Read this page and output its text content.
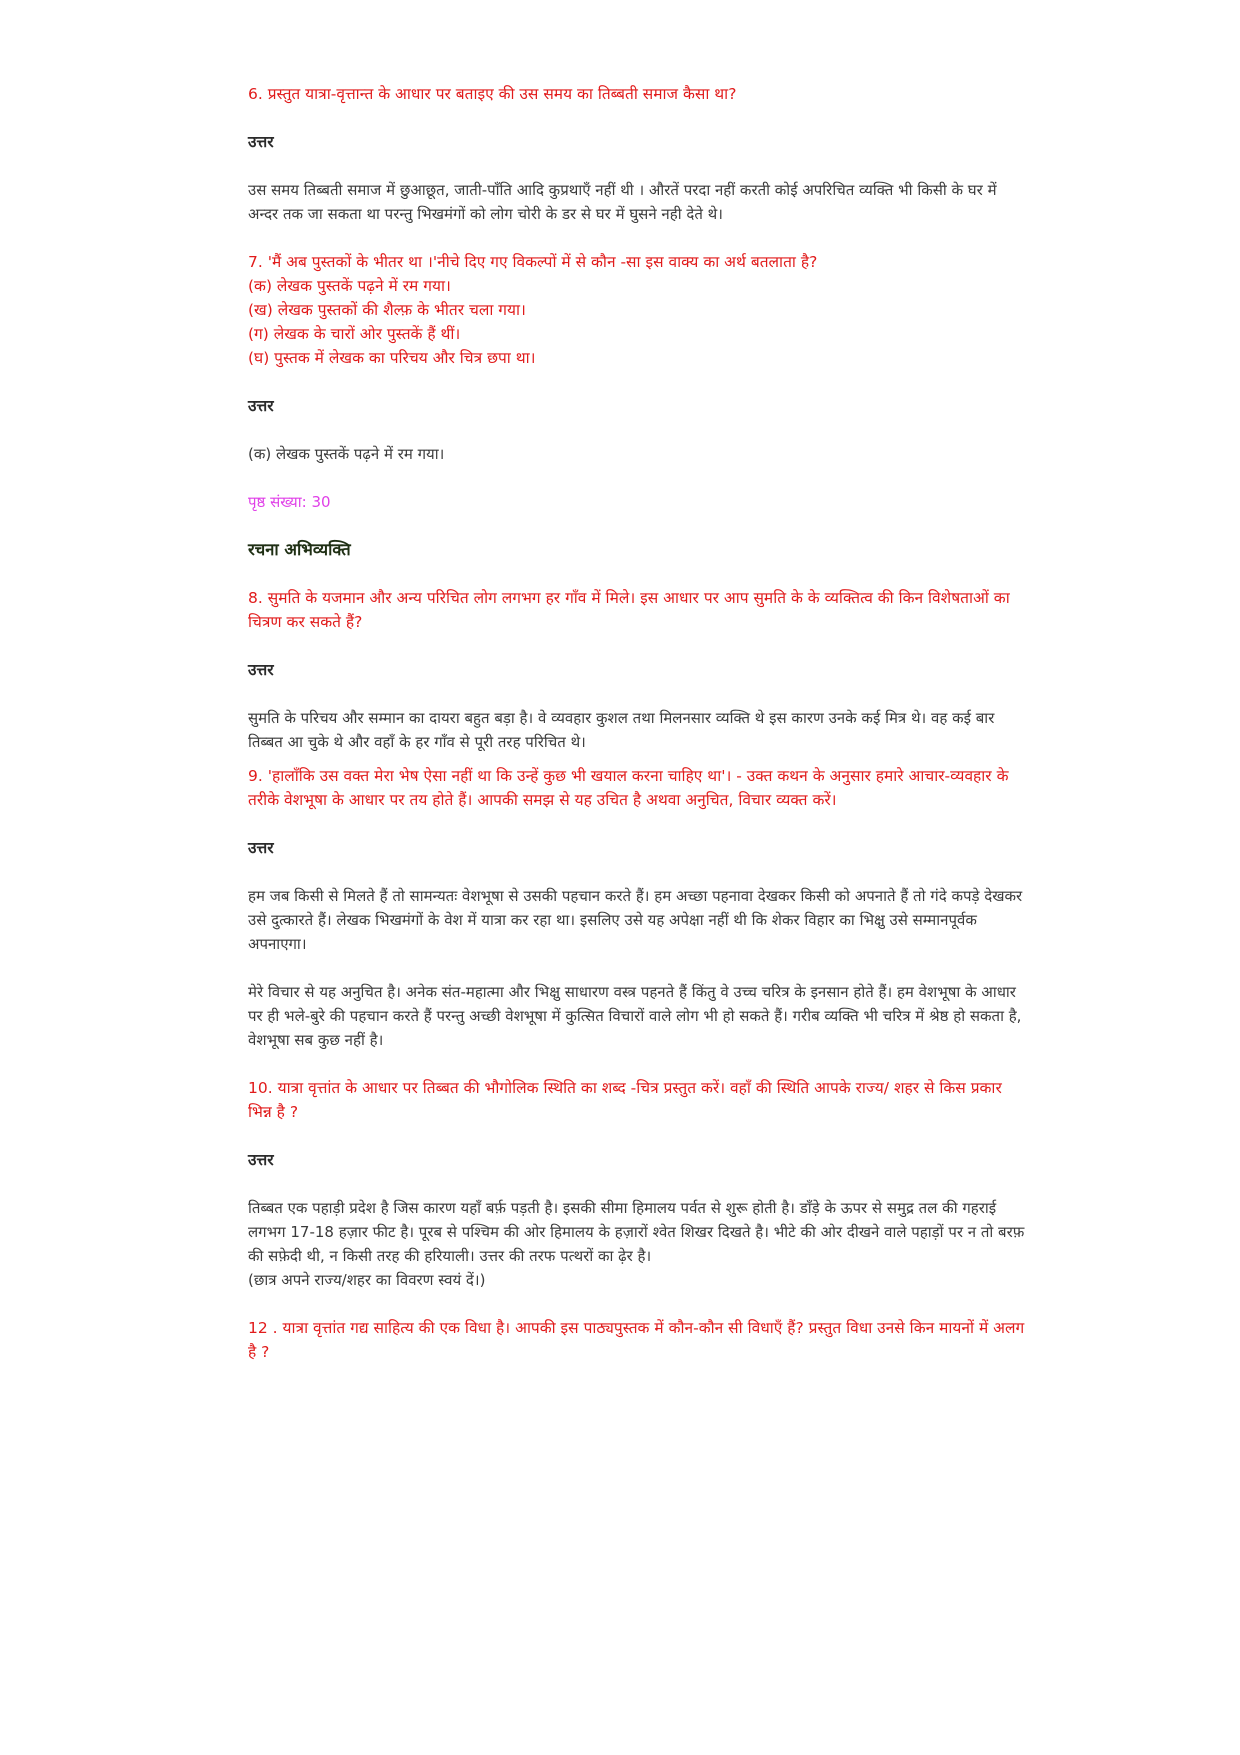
6. प्रस्तुत यात्रा-वृत्तान्त के आधार पर बताइए की उस समय का तिब्बती समाज कैसा था?

उत्तर

उस समय तिब्बती समाज में छुआछूत, जाती-पाँति आदि कुप्रथाएँ नहीं थी । औरतें परदा नहीं करती कोई अपरिचित व्यक्ति भी किसी के घर में अन्दर तक जा सकता था परन्तु भिखमंगों को लोग चोरी के डर से घर में घुसने नही देते थे।

7. 'मैं अब पुस्तकों के भीतर था ।'नीचे दिए गए विकल्पों में से कौन -सा इस वाक्य का अर्थ बतलाता है?

(क) लेखक पुस्तकें पढ़ने में रम गया।

(ख) लेखक पुस्तकों की शैल्फ़ के भीतर चला गया।

(ग) लेखक के चारों ओर पुस्तकें हैं थीं।

(घ) पुस्तक में लेखक का परिचय और चित्र छपा था।

उत्तर

(क) लेखक पुस्तकें पढ़ने में रम गया।

पृष्ठ संख्या: 30

रचना अभिव्यक्ति

8. सुमति के यजमान और अन्य परिचित लोग लगभग हर गाँव में मिले। इस आधार पर आप सुमति के के व्यक्तित्व की किन विशेषताओं का चित्रण कर सकते हैं?

उत्तर

सुमति के परिचय और सम्मान का दायरा बहुत बड़ा है। वे व्यवहार कुशल तथा मिलनसार व्यक्ति थे इस कारण उनके कई मित्र थे। वह कई बार तिब्बत आ चुके थे और वहाँ के हर गाँव से पूरी तरह परिचित थे।

9. 'हालाँकि उस वक्त मेरा भेष ऐसा नहीं था कि उन्हें कुछ भी खयाल करना चाहिए था'। - उक्त कथन के अनुसार हमारे आचार-व्यवहार के तरीके वेशभूषा के आधार पर तय होते हैं। आपकी समझ से यह उचित है अथवा अनुचित, विचार व्यक्त करें।

उत्तर

हम जब किसी से मिलते हैं तो सामन्यतः वेशभूषा से उसकी पहचान करते हैं। हम अच्छा पहनावा देखकर किसी को अपनाते हैं तो गंदे कपड़े देखकर उसे दुत्कारते हैं। लेखक भिखमंगों के वेश में यात्रा कर रहा था। इसलिए उसे यह अपेक्षा नहीं थी कि शेकर विहार का भिक्षु उसे सम्मानपूर्वक अपनाएगा।

मेरे विचार से यह अनुचित है। अनेक संत-महात्मा और भिक्षु साधारण वस्त्र पहनते हैं किंतु वे उच्च चरित्र के इनसान होते हैं। हम वेशभूषा के आधार पर ही भले-बुरे की पहचान करते हैं परन्तु अच्छी वेशभूषा में कुत्सित विचारों वाले लोग भी हो सकते हैं। गरीब व्यक्ति भी चरित्र में श्रेष्ठ हो सकता है, वेशभूषा सब कुछ नहीं है।

10. यात्रा वृत्तांत के आधार पर तिब्बत की भौगोलिक स्थिति का शब्द -चित्र प्रस्तुत करें। वहाँ की स्थिति आपके राज्य/ शहर से किस प्रकार भिन्न है ?

उत्तर

तिब्बत एक पहाड़ी प्रदेश है जिस कारण यहाँ बर्फ़ पड़ती है। इसकी सीमा हिमालय पर्वत से शुरू होती है। डाँड़े के ऊपर से समुद्र तल की गहराई लगभग 17-18 हज़ार फीट है। पूरब से पश्चिम की ओर हिमालय के हज़ारों श्वेत शिखर दिखते है। भीटे की ओर दीखने वाले पहाड़ों पर न तो बरफ़ की सफ़ेदी थी, न किसी तरह की हरियाली। उत्तर की तरफ पत्थरों का ढ़ेर है।

(छात्र अपने राज्य/शहर का विवरण स्वयं दें।)

12 . यात्रा वृत्तांत गद्य साहित्य की एक विधा है। आपकी इस पाठ्यपुस्तक में कौन-कौन सी विधाएँ हैं? प्रस्तुत विधा उनसे किन मायनों में अलग है ?
